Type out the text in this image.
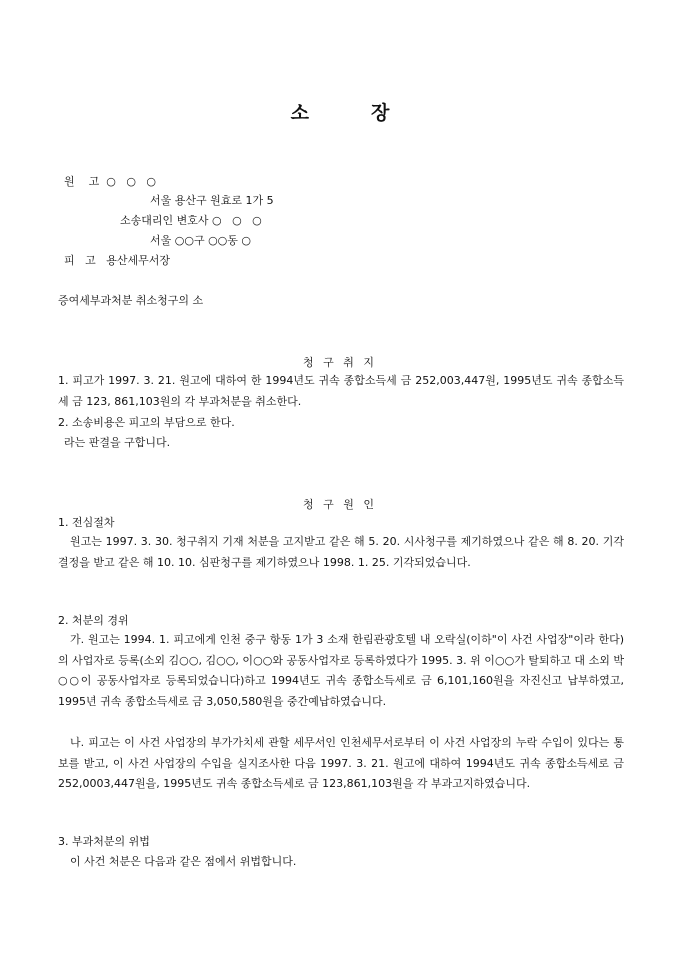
소	장
원    고  ○   ○   ○
서울 용산구 원효로 1가 5
소송대리인 변호사 ○   ○   ○
서울 ○○구 ○○동 ○
피   고   용산세무서장
증여세부과처분 취소청구의 소
청 구 취 지
1. 피고가 1997. 3. 21. 원고에 대하여 한 1994년도 귀속 종합소득세 금 252,003,447원, 1995년도 귀속 종합소득세 금 123, 861,103원의 각 부과처분을 취소한다.
2. 소송비용은 피고의 부담으로 한다.
라는 판결을 구합니다.
청 구 원 인
1. 전심절차
원고는 1997. 3. 30. 청구취지 기재 처분을 고지받고 같은 해 5. 20. 시사청구를 제기하였으나 같은 해 8. 20. 기각결정을 받고 같은 해 10. 10. 심판청구를 제기하였으나 1998. 1. 25. 기각되었습니다.
2. 처분의 경위
가. 원고는 1994. 1. 피고에게 인천 중구 항동 1가 3 소재 한림관광호텔 내 오락실(이하"이 사건 사업장"이라 한다)의 사업자로 등록(소외 김○○, 김○○, 이○○와 공동사업자로 등록하였다가 1995. 3. 위 이○○가 탈퇴하고 대 소외 박○○이 공동사업자로 등록되었습니다)하고 1994년도 귀속 종합소득세로 금 6,101,160원을 자진신고 납부하였고, 1995년 귀속 종합소득세로 금 3,050,580원을 중간예납하였습니다.
나. 피고는 이 사건 사업장의 부가가치세 관할 세무서인 인천세무서로부터 이 사건 사업장의 누락 수입이 있다는 통보를 받고, 이 사건 사업장의 수입을 실지조사한 다음 1997. 3. 21. 원고에 대하여 1994년도 귀속 종합소득세로 금 252,0003,447원을, 1995년도 귀속 종합소득세로 금 123,861,103원을 각 부과고지하였습니다.
3. 부과처분의 위법
이 사건 처분은 다음과 같은 점에서 위법합니다.
